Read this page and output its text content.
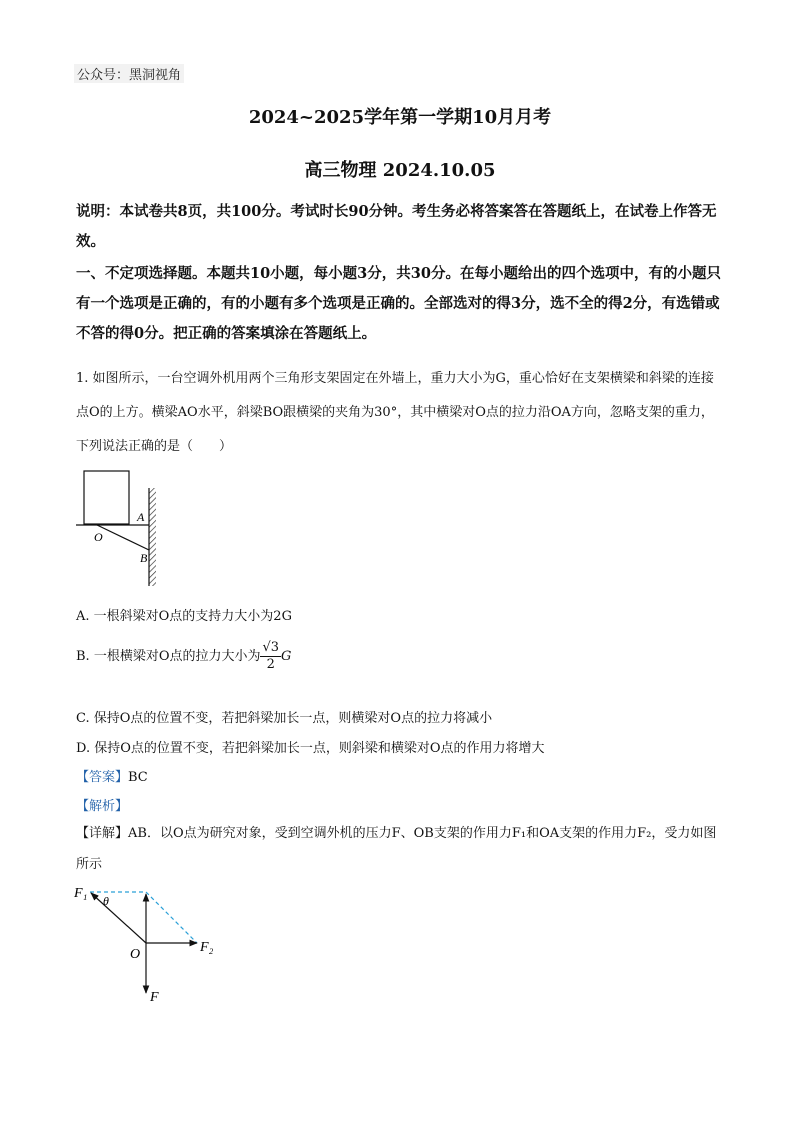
公众号：黑洞视角
2024~2025学年第一学期10月月考
高三物理 2024.10.05
说明：本试卷共8页，共100分。考试时长90分钟。考生务必将答案答在答题纸上，在试卷上作答无效。
一、不定项选择题。本题共10小题，每小题3分，共30分。在每小题给出的四个选项中，有的小题只有一个选项是正确的，有的小题有多个选项是正确的。全部选对的得3分，选不全的得2分，有选错或不答的得0分。把正确的答案填涂在答题纸上。
1. 如图所示，一台空调外机用两个三角形支架固定在外墙上，重力大小为G，重心恰好在支架横梁和斜梁的连接点O的上方。横梁AO水平，斜梁BO跟横梁的夹角为30°，其中横梁对O点的拉力沿OA方向，忽略支架的重力，下列说法正确的是（　　）
A
O
B
A. 一根斜梁对O点的支持力大小为2G
B. 一根横梁对O点的拉力大小为 $\frac{√3}{2}$ G
C. 保持O点的位置不变，若把斜梁加长一点，则横梁对O点的拉力将减小
D. 保持O点的位置不变，若把斜梁加长一点，则斜梁和横梁对O点的作用力将增大
【答案】BC
【解析】
【详解】AB．以O点为研究对象，受到空调外机的压力F、OB支架的作用力F₁和OA支架的作用力F₂，受力如图所示
F₁ θ
O	F₂
F
